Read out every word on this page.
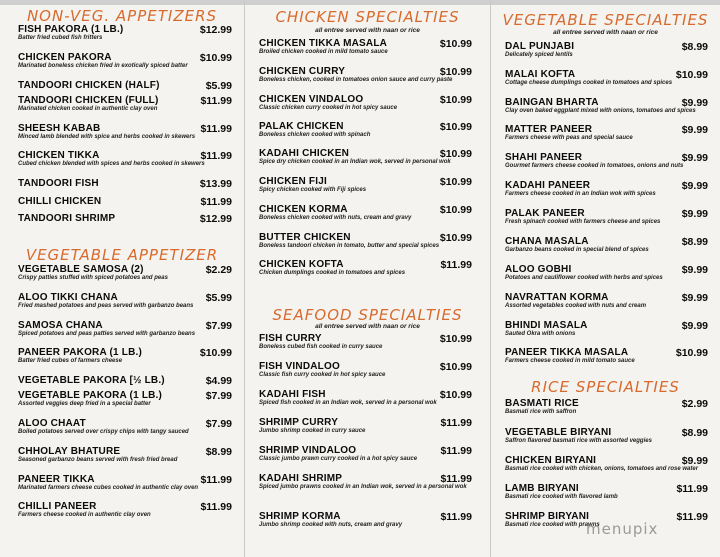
NON-VEG. APPETIZERS
FISH PAKORA (1 LB.)	$12.99
Batter fried cubed fish fritters
CHICKEN PAKORA	$10.99
Marinated boneless chicken fried in exotically spiced batter
TANDOORI CHICKEN (HALF)	$5.99
TANDOORI CHICKEN (FULL)	$11.99
Marinated chicken cooked in authentic clay oven
SHEESH KABAB	$11.99
Minced lamb blended with spice and herbs cooked in skewers
CHICKEN TIKKA	$11.99
Cubed chicken blended with spices and herbs cooked in skewers
TANDOORI FISH	$13.99
CHILLI CHICKEN	$11.99
TANDOORI SHRIMP	$12.99
VEGETABLE APPETIZER
VEGETABLE SAMOSA (2)	$2.29
Crispy patties stuffed with spiced potatoes and peas
ALOO TIKKI CHANA	$5.99
Fried mashed potatoes and peas served with garbanzo beans
SAMOSA CHANA	$7.99
Spiced potatoes and peas patties served with garbanzo beans
PANEER PAKORA (1 LB.)	$10.99
Batter fried cubes of farmers cheese
VEGETABLE PAKORA [½ LB.)	$4.99
VEGETABLE PAKORA (1 LB.)	$7.99
Assorted veggies deep fried in a special batter
ALOO CHAAT	$7.99
Boiled potatoes served over crispy chips with tangy sauced
CHHOLAY BHATURE	$8.99
Seasoned garbanzo beans served with fresh fried bread
PANEER TIKKA	$11.99
Marinated farmers cheese cubes cooked in authentic clay oven
CHILLI PANEER	$11.99
Farmers cheese cooked in authentic clay oven
CHICKEN SPECIALTIES
all entree served with naan or rice
CHICKEN TIKKA MASALA	$10.99
Broiled chicken cooked in mild tomato sauce
CHICKEN CURRY	$10.99
Boneless chicken, cooked in tomatoes onion sauce and curry paste
CHICKEN VINDALOO	$10.99
Classic chicken curry cooked in hot spicy sauce
PALAK CHICKEN	$10.99
Boneless chicken cooked with spinach
KADAHI CHICKEN	$10.99
Spice dry chicken cooked in an Indian wok, served in personal wok
CHICKEN FIJI	$10.99
Spicy chicken cooked with Fiji spices
CHICKEN KORMA	$10.99
Boneless chicken cooked with nuts, cream and gravy
BUTTER CHICKEN	$10.99
Boneless tandoori chicken in tomato, butter and special spices
CHICKEN KOFTA	$11.99
Chicken dumplings cooked in tomatoes and spices
SEAFOOD SPECIALTIES
all entree served with naan or rice
FISH CURRY	$10.99
Boneless cubed fish cooked in curry sauce
FISH VINDALOO	$10.99
Classic fish curry cooked in hot spicy sauce
KADAHI FISH	$10.99
Spiced fish cooked in an Indian wok, served in a personal wok
SHRIMP CURRY	$11.99
Jumbo shrimp cooked in curry sauce
SHRIMP VINDALOO	$11.99
Classic jumbo prawn curry cooked in a hot spicy sauce
KADAHI SHRIMP	$11.99
Spiced jumbo prawns cooked in an Indian wok, served in a personal wok
SHRIMP KORMA	$11.99
Jumbo shrimp cooked with nuts, cream and gravy
VEGETABLE SPECIALTIES
all entree served with naan or rice
DAL PUNJABI	$8.99
Delicately spiced lentils
MALAI KOFTA	$10.99
Cottage cheese dumplings cooked in tomatoes and spices
BAINGAN BHARTA	$9.99
Clay oven baked eggplant mixed with onions, tomatoes and spices
MATTER PANEER	$9.99
Farmers cheese with peas and special sauce
SHAHI PANEER	$9.99
Gourmet farmers cheese cooked in tomatoes, onions and nuts
KADAHI PANEER	$9.99
Farmers cheese cooked in an Indian wok with spices
PALAK PANEER	$9.99
Fresh spinach cooked with farmers cheese and spices
CHANA MASALA	$8.99
Garbanzo beans cooked in special blend of spices
ALOO GOBHI	$9.99
Potatoes and cauliflower cooked with herbs and spices
NAVRATTAN KORMA	$9.99
Assorted vegetables cooked with nuts and cream
BHINDI MASALA	$9.99
Sauted Okra with onions
PANEER TIKKA MASALA	$10.99
Farmers cheese cooked in mild tomato sauce
RICE SPECIALTIES
BASMATI RICE	$2.99
Basmati rice with saffron
VEGETABLE BIRYANI	$8.99
Saffron flavored basmati rice with assorted veggies
CHICKEN BIRYANI	$9.99
Basmati rice cooked with chicken, onions, tomatoes and rose water
LAMB BIRYANI	$11.99
Basmati rice cooked with flavored lamb
SHRIMP BIRYANI	$11.99
Basmati rice cooked with prawns
menupix
